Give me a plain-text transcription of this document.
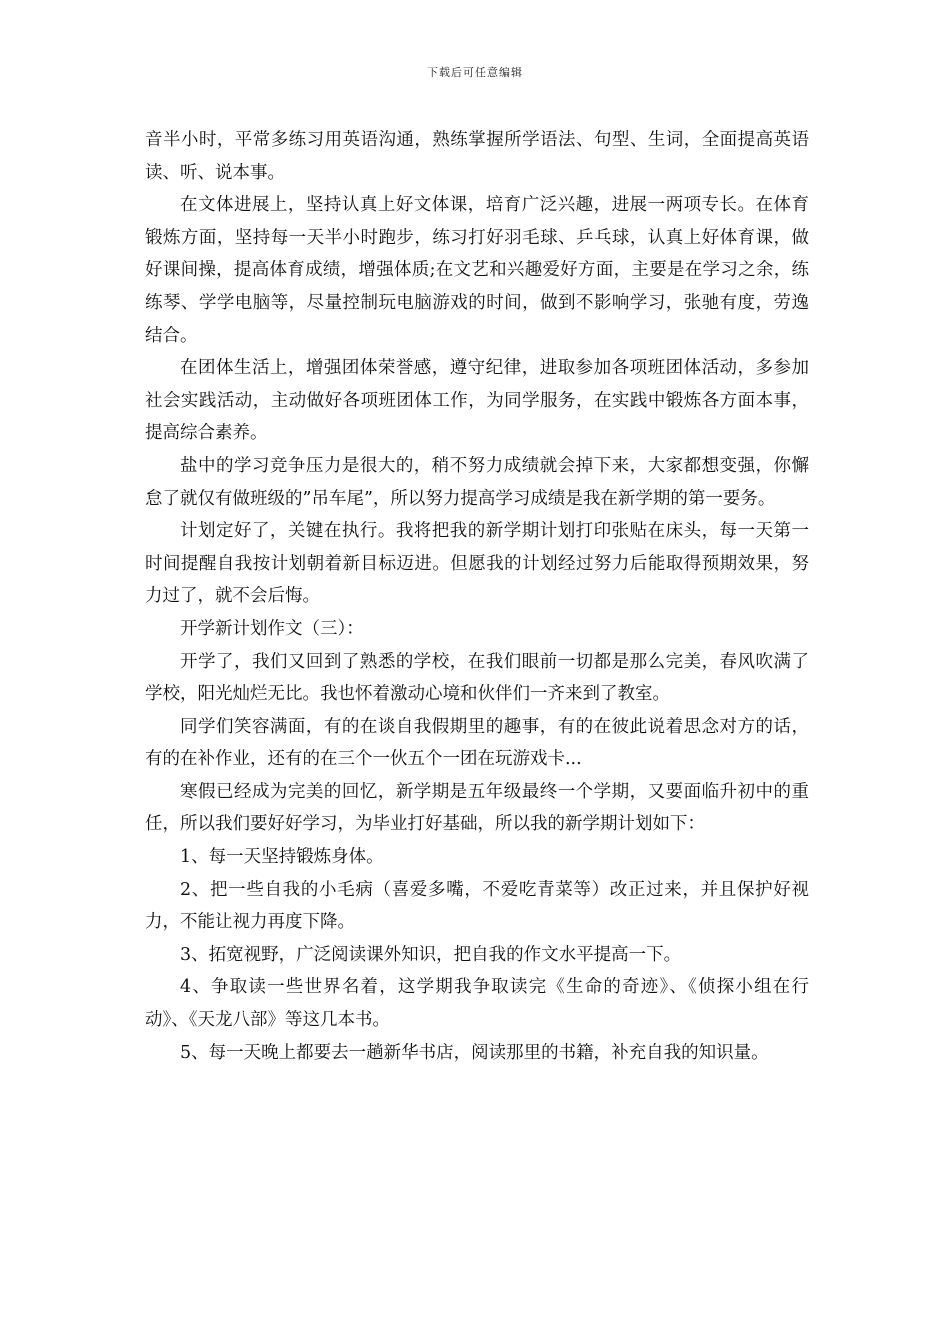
下载后可任意编辑

音半小时，平常多练习用英语沟通，熟练掌握所学语法、句型、生词，全面提高英语读、听、说本事。

在文体进展上，坚持认真上好文体课，培育广泛兴趣，进展一两项专长。在体育锻炼方面，坚持每一天半小时跑步，练习打好羽毛球、乒乓球，认真上好体育课，做好课间操，提高体育成绩，增强体质;在文艺和兴趣爱好方面，主要是在学习之余，练练琴、学学电脑等，尽量控制玩电脑游戏的时间，做到不影响学习，张驰有度，劳逸结合。

在团体生活上，增强团体荣誉感，遵守纪律，进取参加各项班团体活动，多参加社会实践活动，主动做好各项班团体工作，为同学服务，在实践中锻炼各方面本事，提高综合素养。

盐中的学习竞争压力是很大的，稍不努力成绩就会掉下来，大家都想变强，你懈怠了就仅有做班级的”吊车尾”，所以努力提高学习成绩是我在新学期的第一要务。

计划定好了，关键在执行。我将把我的新学期计划打印张贴在床头，每一天第一时间提醒自我按计划朝着新目标迈进。但愿我的计划经过努力后能取得预期效果，努力过了，就不会后悔。

开学新计划作文（三）：

开学了，我们又回到了熟悉的学校，在我们眼前一切都是那么完美，春风吹满了学校，阳光灿烂无比。我也怀着激动心境和伙伴们一齐来到了教室。

同学们笑容满面，有的在谈自我假期里的趣事，有的在彼此说着思念对方的话，有的在补作业，还有的在三个一伙五个一团在玩游戏卡...

寒假已经成为完美的回忆，新学期是五年级最终一个学期，又要面临升初中的重任，所以我们要好好学习，为毕业打好基础，所以我的新学期计划如下：

1、每一天坚持锻炼身体。

2、把一些自我的小毛病（喜爱多嘴，不爱吃青菜等）改正过来，并且保护好视力，不能让视力再度下降。

3、拓宽视野，广泛阅读课外知识，把自我的作文水平提高一下。

4、争取读一些世界名着，这学期我争取读完《生命的奇迹》、《侦探小组在行动》、《天龙八部》等这几本书。

5、每一天晚上都要去一趟新华书店，阅读那里的书籍，补充自我的知识量。
